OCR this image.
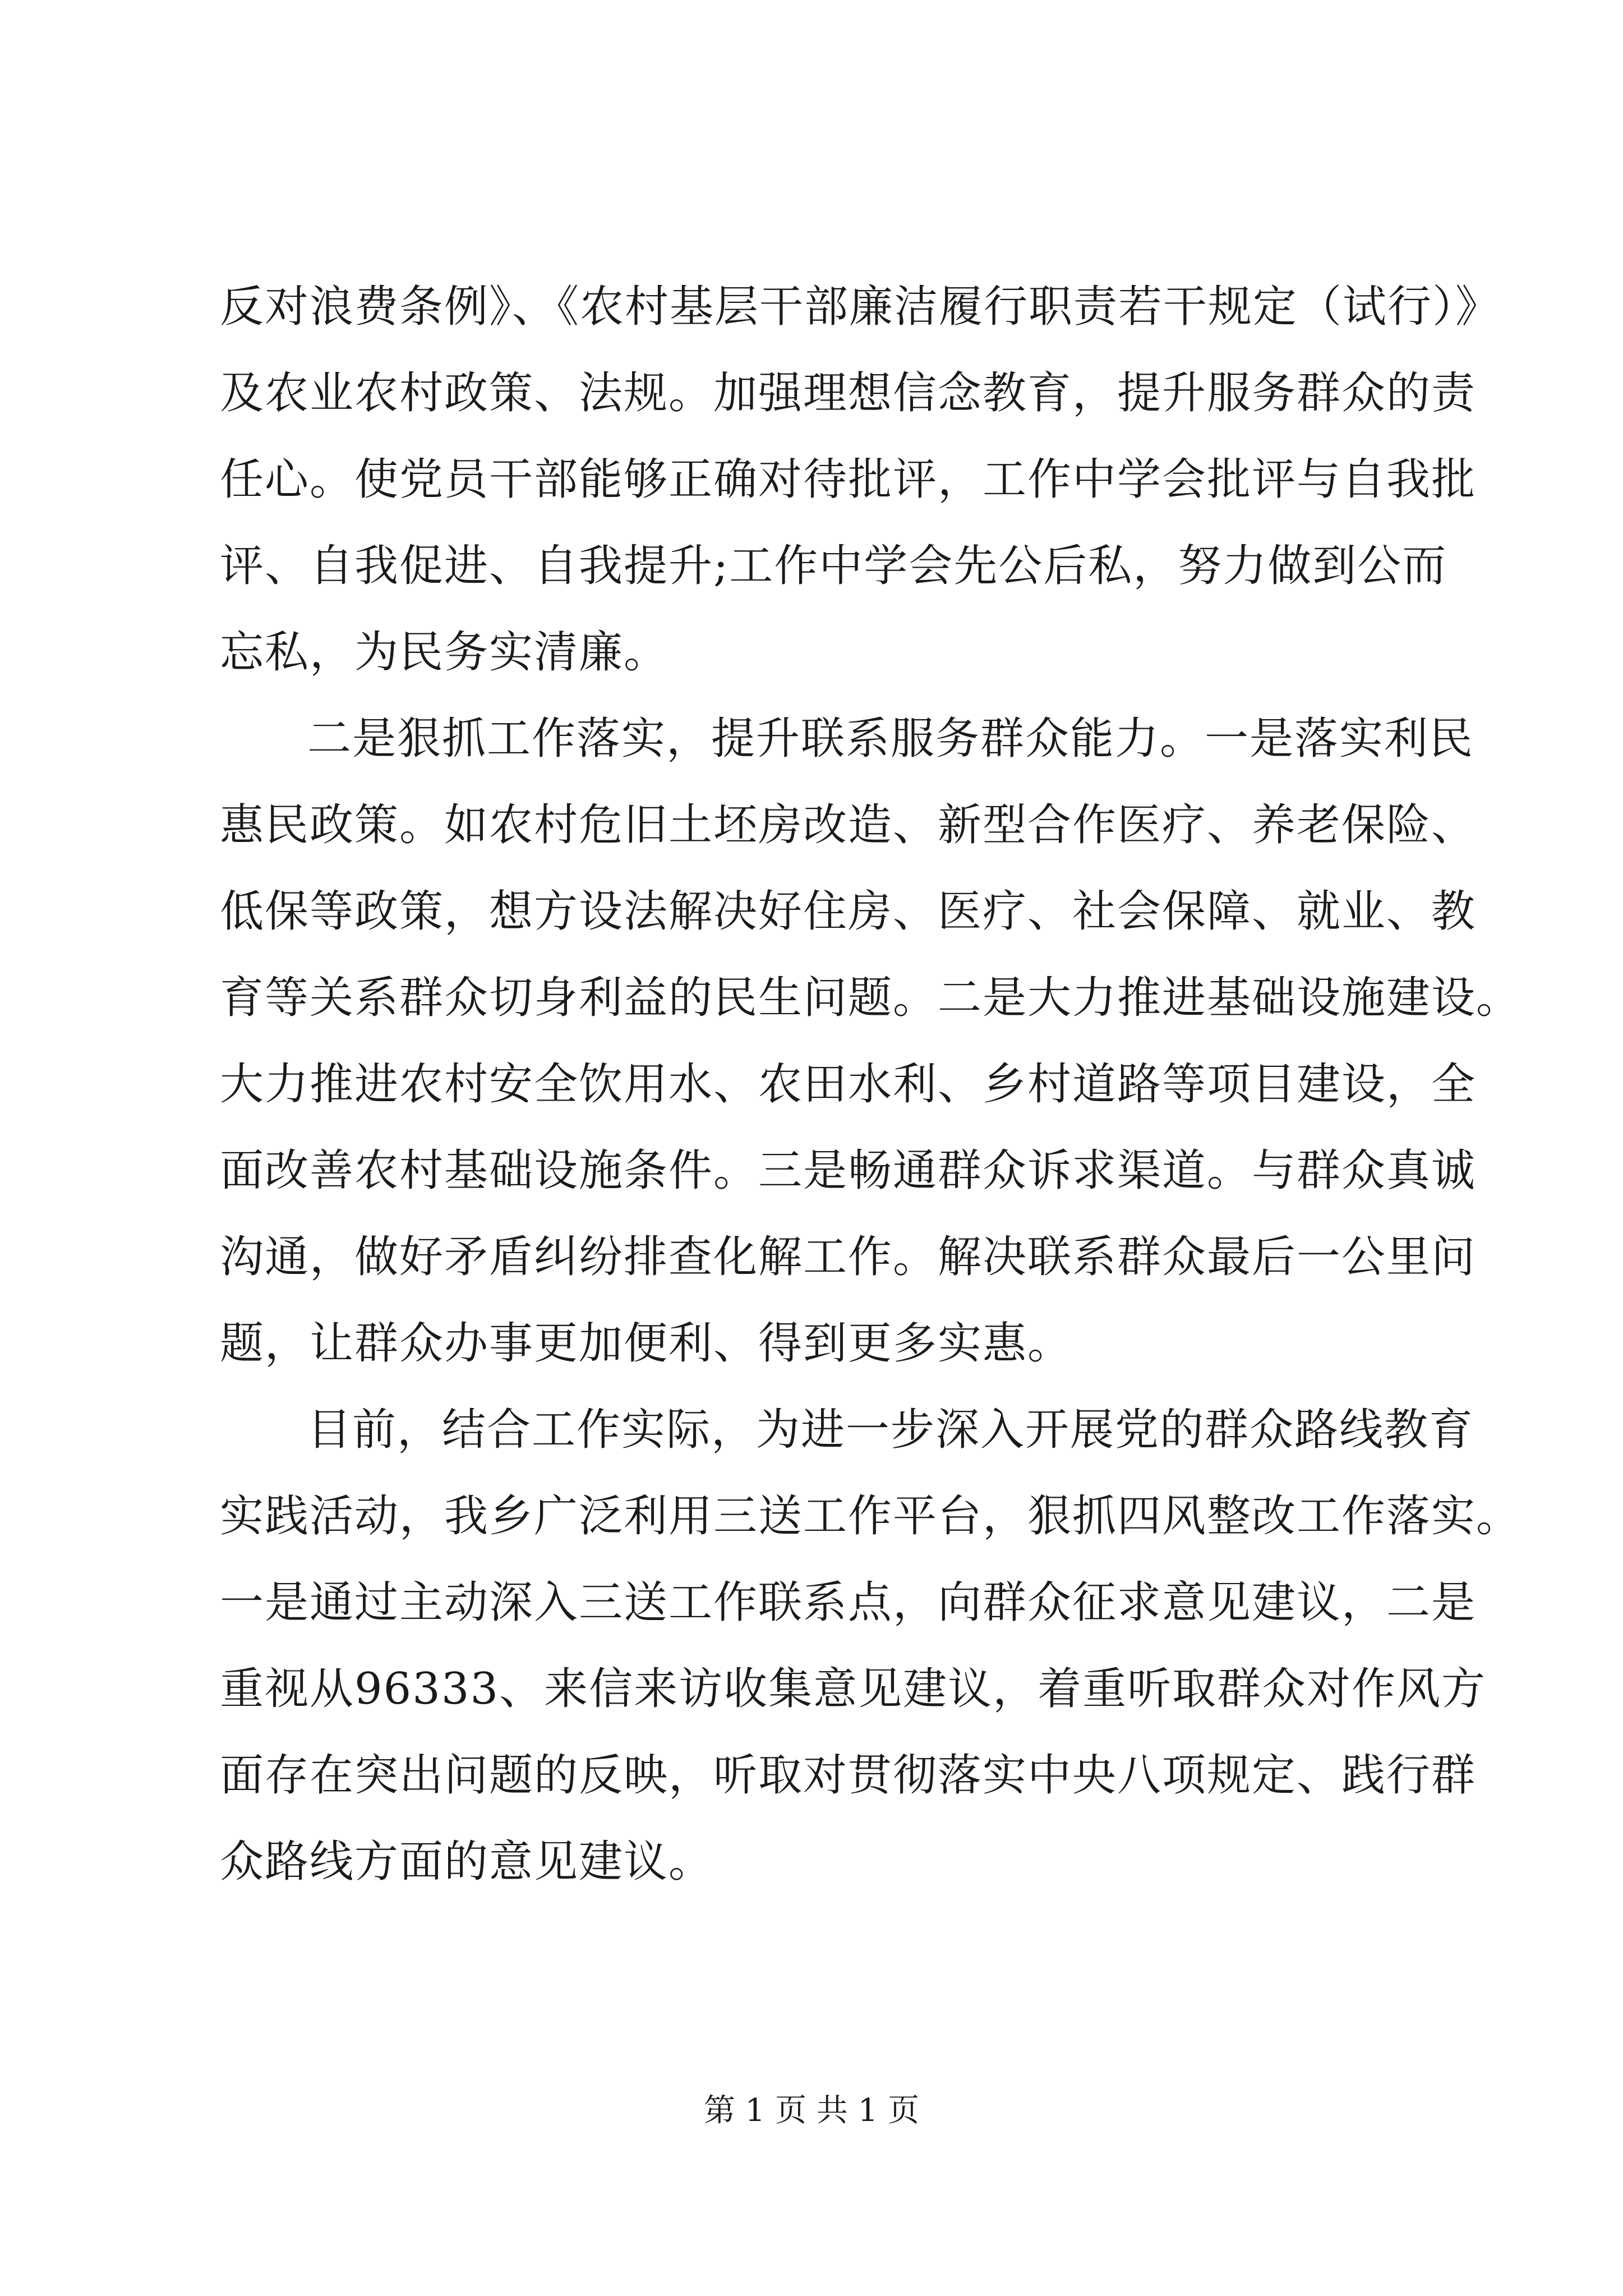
反对浪费条例》、《农村基层干部廉洁履行职责若干规定（试行）》
及农业农村政策、法规。加强理想信念教育，提升服务群众的责
任心。使党员干部能够正确对待批评，工作中学会批评与自我批
评、自我促进、自我提升;工作中学会先公后私，努力做到公而
忘私，为民务实清廉。
二是狠抓工作落实，提升联系服务群众能力。一是落实利民
惠民政策。如农村危旧土坯房改造、新型合作医疗、养老保险、
低保等政策，想方设法解决好住房、医疗、社会保障、就业、教
育等关系群众切身利益的民生问题。二是大力推进基础设施建设。
大力推进农村安全饮用水、农田水利、乡村道路等项目建设，全
面改善农村基础设施条件。三是畅通群众诉求渠道。与群众真诚
沟通，做好矛盾纠纷排查化解工作。解决联系群众最后一公里问
题，让群众办事更加便利、得到更多实惠。
目前，结合工作实际，为进一步深入开展党的群众路线教育
实践活动，我乡广泛利用三送工作平台，狠抓四风整改工作落实。
一是通过主动深入三送工作联系点，向群众征求意见建议，二是
重视从96333、来信来访收集意见建议，着重听取群众对作风方
面存在突出问题的反映，听取对贯彻落实中央八项规定、践行群
众路线方面的意见建议。
第 1 页 共 1 页
